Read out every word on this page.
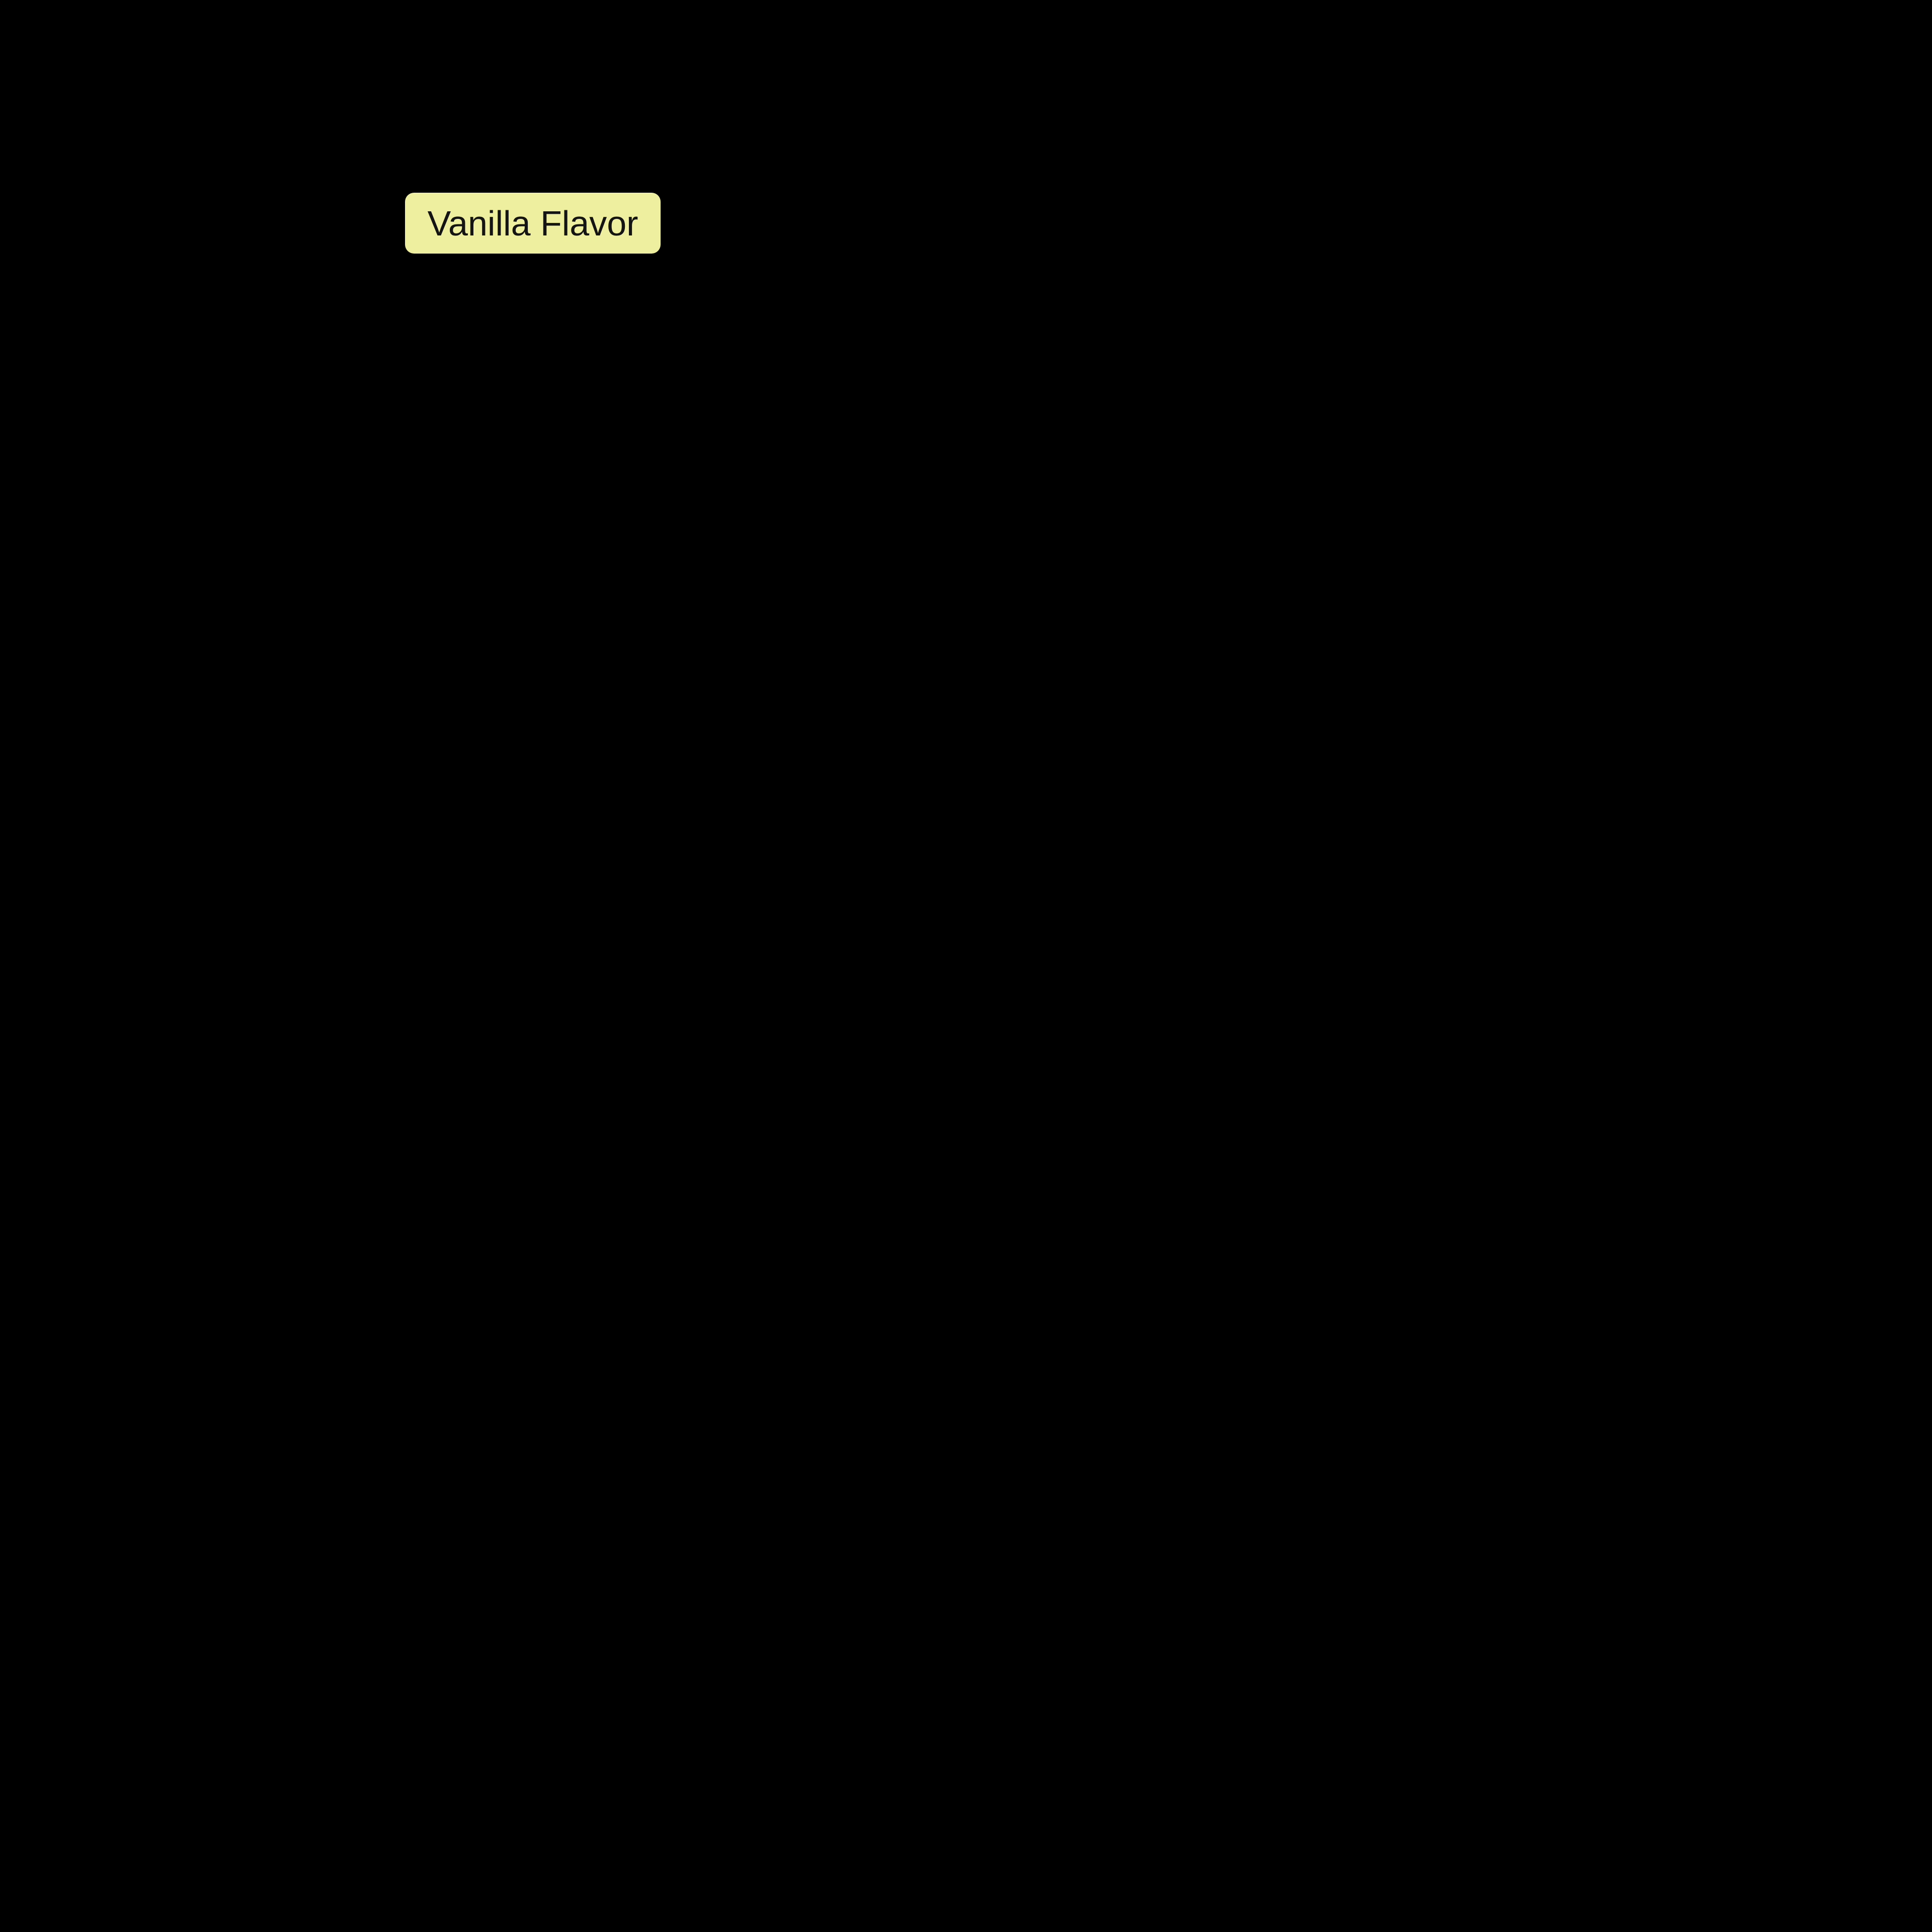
Vanilla Flavor
